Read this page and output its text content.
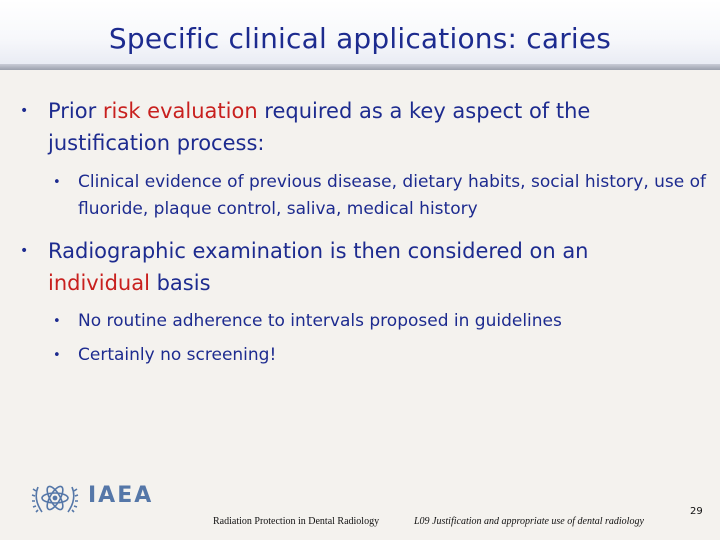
Specific clinical applications: caries
• Prior risk evaluation required as a key aspect of the justification process:
• Clinical evidence of previous disease, dietary habits, social history, use of fluoride, plaque control, saliva, medical history
• Radiographic examination is then considered on an individual basis
• No routine adherence to intervals proposed in guidelines
• Certainly no screening!
IAEA
Radiation Protection in Dental Radiology	L09 Justification and appropriate use of dental radiology
29
